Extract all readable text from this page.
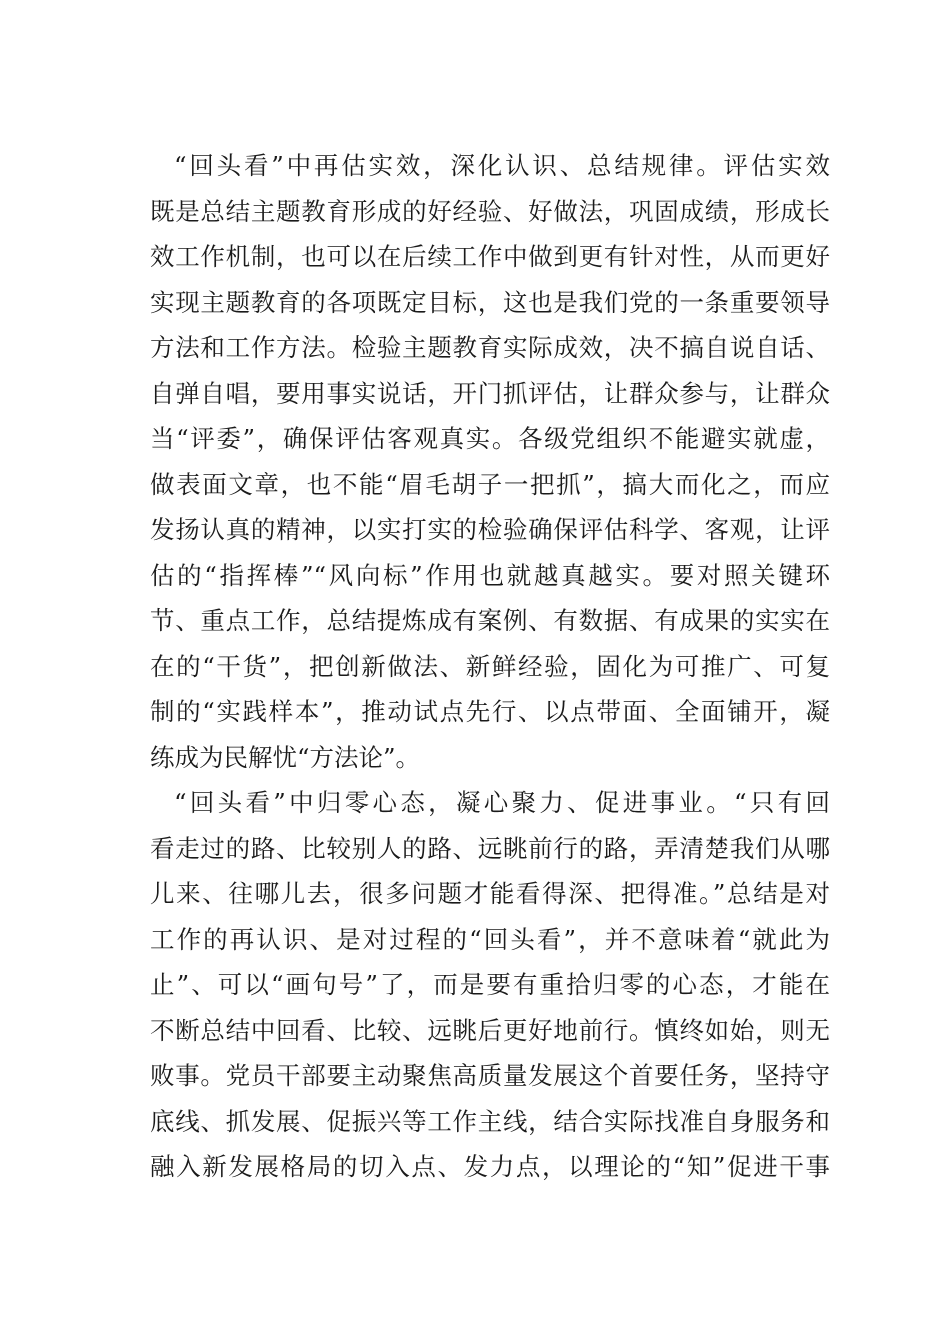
“回头看”中再估实效，深化认识、总结规律。评估实效
既是总结主题教育形成的好经验、好做法，巩固成绩，形成长
效工作机制，也可以在后续工作中做到更有针对性，从而更好
实现主题教育的各项既定目标，这也是我们党的一条重要领导
方法和工作方法。检验主题教育实际成效，决不搞自说自话、
自弹自唱，要用事实说话，开门抓评估，让群众参与，让群众
当“评委”，确保评估客观真实。各级党组织不能避实就虚，
做表面文章，也不能“眉毛胡子一把抓”，搞大而化之，而应
发扬认真的精神，以实打实的检验确保评估科学、客观，让评
估的“指挥棒”“风向标”作用也就越真越实。要对照关键环
节、重点工作，总结提炼成有案例、有数据、有成果的实实在
在的“干货”，把创新做法、新鲜经验，固化为可推广、可复
制的“实践样本”，推动试点先行、以点带面、全面铺开，凝
练成为民解忧“方法论”。
“回头看”中归零心态，凝心聚力、促进事业。“只有回
看走过的路、比较别人的路、远眺前行的路，弄清楚我们从哪
儿来、往哪儿去，很多问题才能看得深、把得准。”总结是对
工作的再认识、是对过程的“回头看”，并不意味着“就此为
止”、可以“画句号”了，而是要有重拾归零的心态，才能在
不断总结中回看、比较、远眺后更好地前行。慎终如始，则无
败事。党员干部要主动聚焦高质量发展这个首要任务，坚持守
底线、抓发展、促振兴等工作主线，结合实际找准自身服务和
融入新发展格局的切入点、发力点，以理论的“知”促进干事
